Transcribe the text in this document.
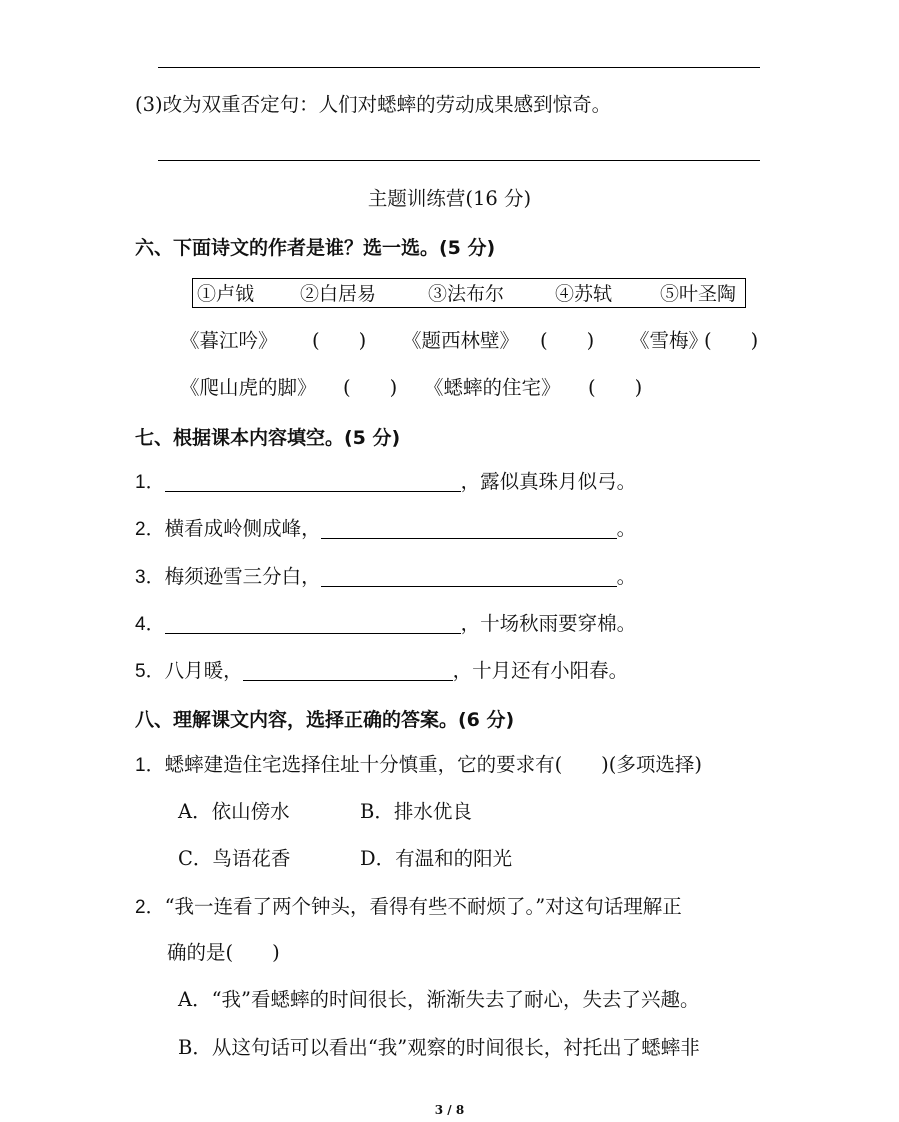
(3)改为双重否定句：人们对蟋蟀的劳动成果感到惊奇。
主题训练营(16 分)
六、下面诗文的作者是谁？选一选。(5 分)
①卢钺 ②白居易	③法布尔	④苏轼	⑤叶圣陶
《暮江吟》 (　　) 《题西林壁》 (　　) 《雪梅》
(　　)
《爬山虎的脚》 (　　) 《蟋蟀的住宅》 (　　)
七、根据课本内容填空。(5 分)
1．	，露似真珠月似弓。
2．横看成岭侧成峰，	。
3．梅须逊雪三分白，	。
4．	，十场秋雨要穿棉。
5．八月暖，	，十月还有小阳春。
八、理解课文内容，选择正确的答案。(6 分)
1．蟋蟀建造住宅选择住址十分慎重，它的要求有(　　)(多项选择)
A．依山傍水	B．排水优良
C．鸟语花香	D．有温和的阳光
2．“我一连看了两个钟头，看得有些不耐烦了。”对这句话理解正
确的是(　　)
A．“我”看蟋蟀的时间很长，渐渐失去了耐心，失去了兴趣。
B．从这句话可以看出“我”观察的时间很长，衬托出了蟋蟀非
3 / 8
